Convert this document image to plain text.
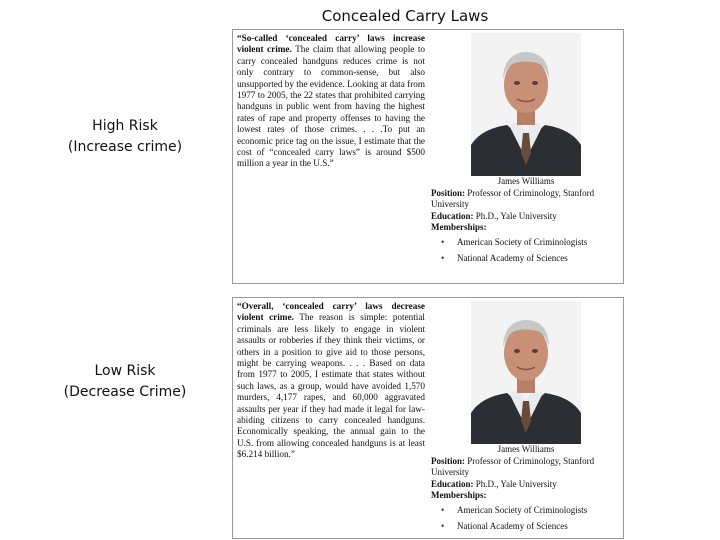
Concealed Carry Laws
High Risk
(Increase crime)
“So-called ‘concealed carry’ laws increase violent crime. The claim that allowing people to carry concealed handguns reduces crime is not only contrary to common-sense, but also unsupported by the evidence. Looking at data from 1977 to 2005, the 22 states that prohibited carrying handguns in public went from having the highest rates of rape and property offenses to having the lowest rates of those crimes. . . .To put an economic price tag on the issue, I estimate that the cost of “concealed carry laws” is around $500 million a year in the U.S.”
James Williams
Position: Professor of Criminology, Stanford University
Education: Ph.D., Yale University
Memberships:
• American Society of Criminologists
• National Academy of Sciences
Low Risk
(Decrease Crime)
“Overall, ‘concealed carry’ laws decrease violent crime. The reason is simple: potential criminals are less likely to engage in violent assaults or robberies if they think their victims, or others in a position to give aid to those persons, might be carrying weapons. . . . Based on data from 1977 to 2005, I estimate that states without such laws, as a group, would have avoided 1,570 murders, 4,177 rapes, and 60,000 aggravated assaults per year if they had made it legal for law-abiding citizens to carry concealed handguns. Economically speaking, the annual gain to the U.S. from allowing concealed handguns is at least $6.214 billion.”
James Williams
Position: Professor of Criminology, Stanford University
Education: Ph.D., Yale University
Memberships:
• American Society of Criminologists
• National Academy of Sciences
